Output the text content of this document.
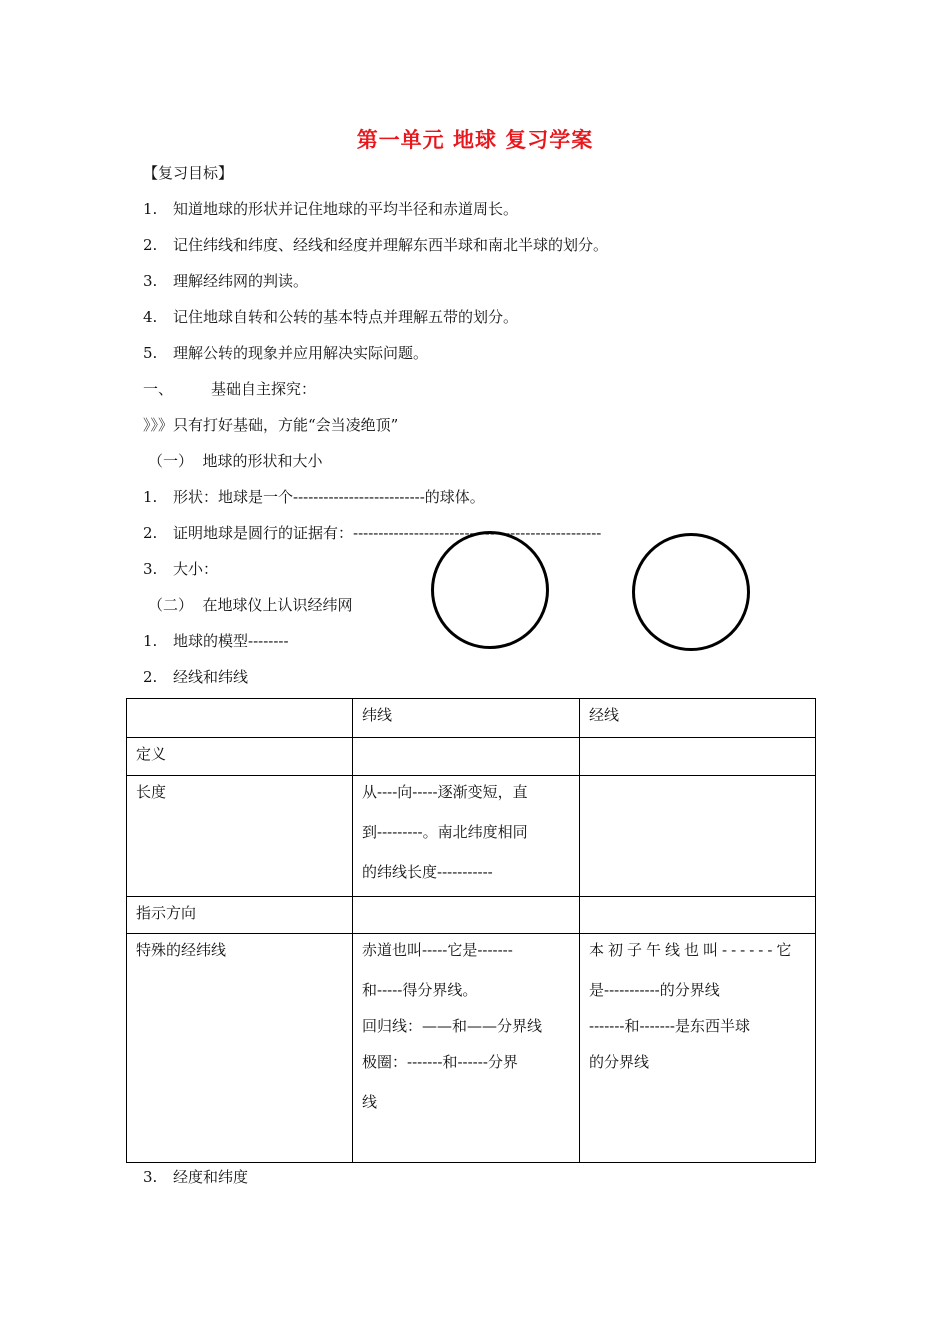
第一单元 地球 复习学案
【复习目标】
1. 知道地球的形状并记住地球的平均半径和赤道周长。
2. 记住纬线和纬度、经线和经度并理解东西半球和南北半球的划分。
3. 理解经纬网的判读。
4. 记住地球自转和公转的基本特点并理解五带的划分。
5. 理解公转的现象并应用解决实际问题。
一、	基础自主探究：
》》》只有打好基础，方能“会当凌绝顶”
（一）  地球的形状和大小
1. 形状：地球是一个--------------------------的球体。
2. 证明地球是圆行的证据有：-------------------------------------------------
3. 大小：
（二）  在地球仪上认识经纬网
1. 地球的模型--------
2. 经线和纬线
	纬线	经线
定义		
长度	从----向-----逐渐变短，直
到---------。南北纬度相同
的纬线长度-----------	

指示方向		
特殊的经纬线	赤道也叫-----它是-------
和-----得分界线。
回归线：——和——分界线
极圈：-------和------分界
线	本初子午线也叫------它
是-----------的分界线
-------和-------是东西半球
的分界线
3. 经度和纬度
